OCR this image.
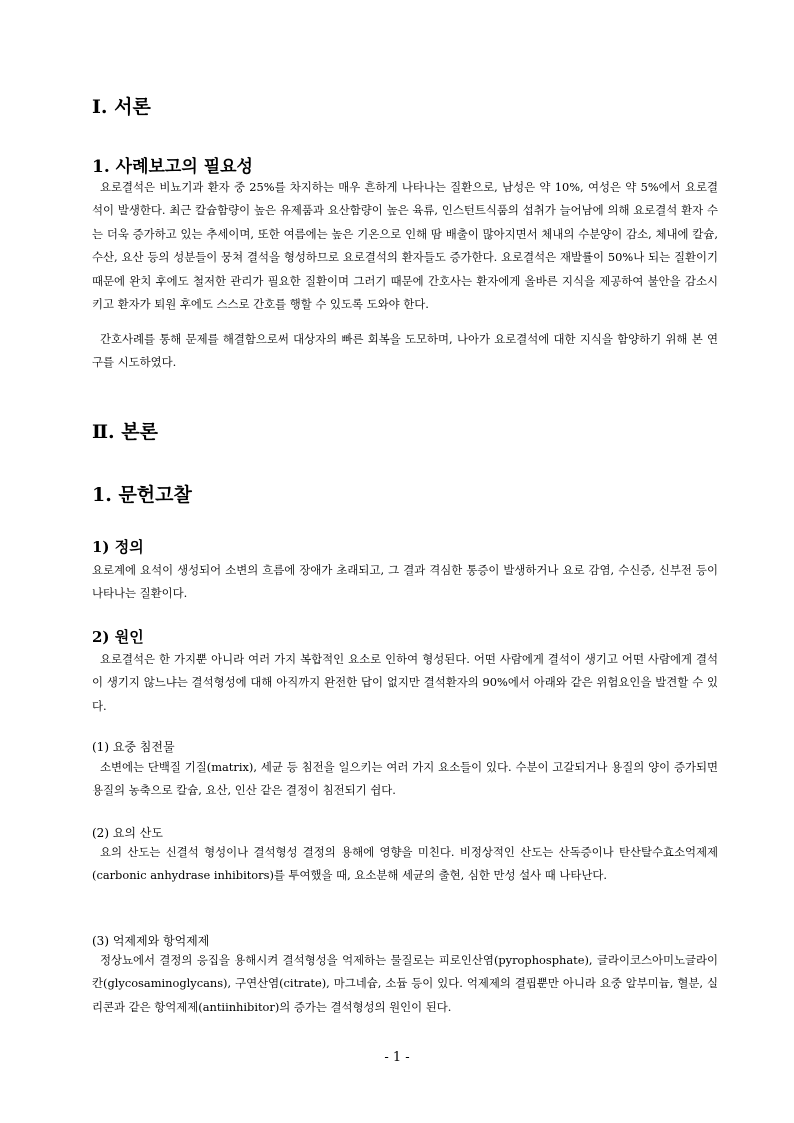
Ⅰ. 서론
1. 사례보고의 필요성

요로결석은 비뇨기과 환자 중 25%를 차지하는 매우 흔하게 나타나는 질환으로, 남성은 약 10%, 여성은 약 5%에서 요로결석이 발생한다. 최근 칼슘함량이 높은 유제품과 요산함량이 높은 육류, 인스턴트식품의 섭취가 늘어남에 의해 요로결석 환자 수는 더욱 증가하고 있는 추세이며, 또한 여름에는 높은 기온으로 인해 땀 배출이 많아지면서 체내의 수분양이 감소, 체내에 칼슘, 수산, 요산 등의 성분들이 뭉쳐 결석을 형성하므로 요로결석의 환자들도 증가한다. 요로결석은 재발률이 50%나 되는 질환이기 때문에 완치 후에도 철저한 관리가 필요한 질환이며 그러기 때문에 간호사는 환자에게 올바른 지식을 제공하여 불안을 감소시키고 환자가 퇴원 후에도 스스로 간호를 행할 수 있도록 도와야 한다.

간호사례를 통해 문제를 해결함으로써 대상자의 빠른 회복을 도모하며, 나아가 요로결석에 대한 지식을 함양하기 위해 본 연구를 시도하였다.

Ⅱ. 본론
1. 문헌고찰
1) 정의

요로계에 요석이 생성되어 소변의 흐름에 장애가 초래되고, 그 결과 격심한 통증이 발생하거나 요로 감염, 수신증, 신부전 등이 나타나는 질환이다.

2) 원인

요로결석은 한 가지뿐 아니라 여러 가지 복합적인 요소로 인하여 형성된다. 어떤 사람에게 결석이 생기고 어떤 사람에게 결석이 생기지 않느냐는 결석형성에 대해 아직까지 완전한 답이 없지만 결석환자의 90%에서 아래와 같은 위험요인을 발견할 수 있다.

(1) 요중 침전물

소변에는 단백질 기질(matrix), 세균 등 침전을 일으키는 여러 가지 요소들이 있다. 수분이 고갈되거나 용질의 양이 증가되면 용질의 농축으로 칼슘, 요산, 인산 같은 결정이 침전되기 쉽다.

(2) 요의 산도

요의 산도는 신결석 형성이나 결석형성 결정의 용해에 영향을 미친다. 비정상적인 산도는 산독증이나 탄산탈수효소억제제(carbonic anhydrase inhibitors)를 투여했을 때, 요소분해 세균의 출현, 심한 만성 설사 때 나타난다.

(3) 억제제와 항억제제

정상뇨에서 결정의 응집을 용해시켜 결석형성을 억제하는 물질로는 피로인산염(pyrophosphate), 글라이코스아미노글라이칸(glycosaminoglycans), 구연산염(citrate), 마그네슘, 소듐 등이 있다. 억제제의 결핍뿐만 아니라 요중 알부미늄, 혈분, 실리콘과 같은 항억제제(antiinhibitor)의 증가는 결석형성의 원인이 된다.

- 1 -
